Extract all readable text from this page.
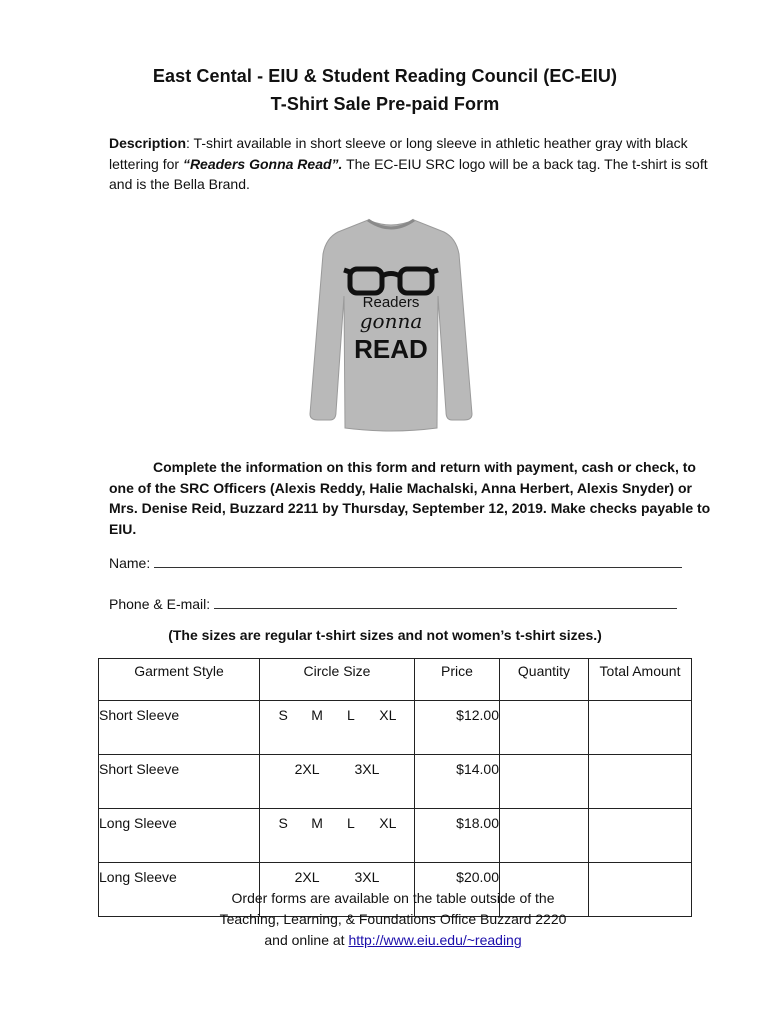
East Cental - EIU & Student Reading Council (EC-EIU)
T-Shirt Sale Pre-paid Form
Description: T-shirt available in short sleeve or long sleeve in athletic heather gray with black lettering for “Readers Gonna Read”. The EC-EIU SRC logo will be a back tag. The t-shirt is soft and is the Bella Brand.
Readers
gonna
READ
Complete the information on this form and return with payment, cash or check, to one of the SRC Officers (Alexis Reddy, Halie Machalski, Anna Herbert, Alexis Snyder) or Mrs. Denise Reid, Buzzard 2211 by Thursday, September 12, 2019. Make checks payable to EIU.
Name:
Phone & E-mail:
(The sizes are regular t-shirt sizes and not women’s t-shirt sizes.)
Garment Style	Circle Size	Price	Quantity	Total Amount
Short Sleeve	S M L XL	$12.00		
Short Sleeve	2XL 3XL	$14.00		
Long Sleeve	S M L XL	$18.00		
Long Sleeve	2XL 3XL	$20.00		
Order forms are available on the table outside of the
Teaching, Learning, & Foundations Office Buzzard 2220
and online at http://www.eiu.edu/~reading
